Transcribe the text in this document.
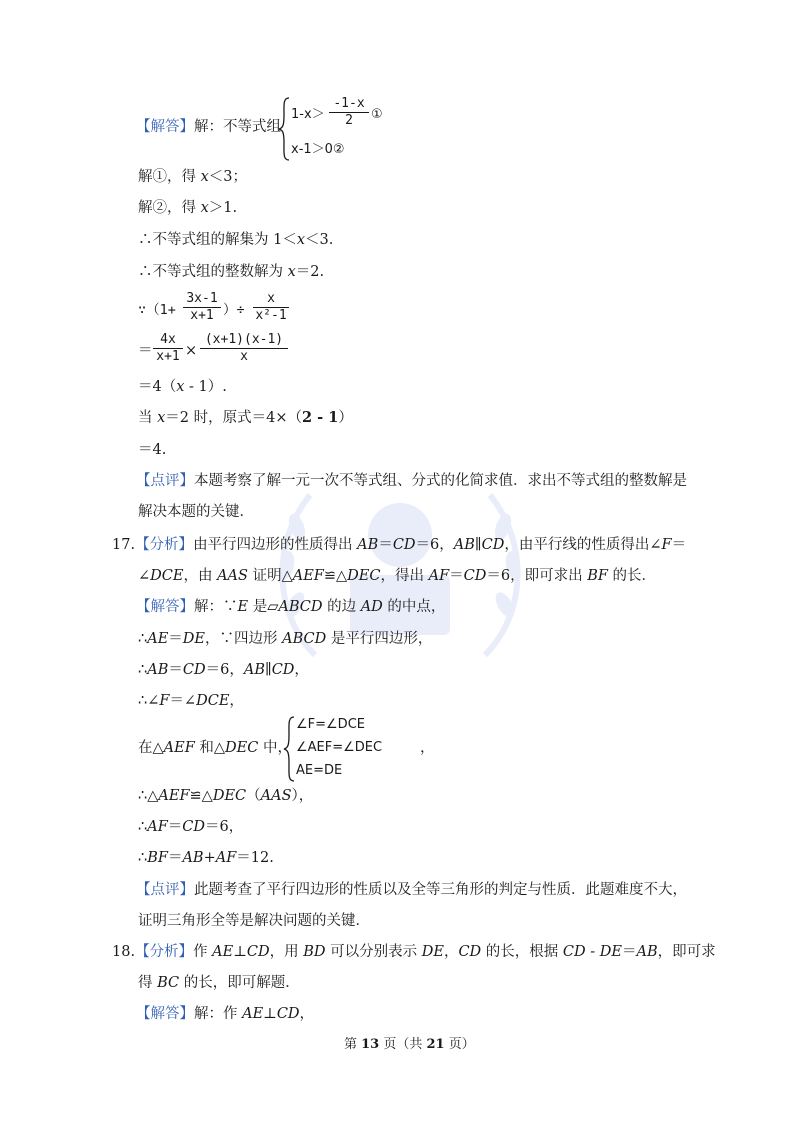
【解答】解：不等式组
$1-x> \frac{-1-x}{2}$ ①
x-1＞0②
解①，得 x＜3；
解②，得 x＞1.
∴不等式组的解集为 1＜x＜3.
∴不等式组的整数解为 x＝2.
∵（1+ $\frac{3x-1}{x+1}$ ）÷ $\frac{x}{\text{x²-1}}$
＝ $\frac{4x}{x+1} \times \frac{(x+1)(x-1)}{x}$
＝4（x - 1）.
当 x＝2 时，原式＝4×（2 - 1）
＝4.
【点评】本题考察了解一元一次不等式组、分式的化简求值．求出不等式组的整数解是
解决本题的关键．
17.【分析】由平行四边形的性质得出 AB＝CD＝6，AB∥CD，由平行线的性质得出∠F＝
∠DCE，由 AAS 证明△AEF≌△DEC，得出 AF＝CD＝6，即可求出 BF 的长．
【解答】解：∵E 是▱ABCD 的边 AD 的中点，
∴AE＝DE，∵四边形 ABCD 是平行四边形，
∴AB＝CD＝6，AB∥CD，
∴∠F＝∠DCE，
在△AEF 和△DEC 中，
∠F=∠DCE
∠AEF=∠DEC
AE=DE
，
∴△AEF≌△DEC（AAS），
∴AF＝CD＝6，
∴BF＝AB+AF＝12.
【点评】此题考查了平行四边形的性质以及全等三角形的判定与性质．此题难度不大，
证明三角形全等是解决问题的关键．
18.【分析】作 AE⊥CD，用 BD 可以分别表示 DE，CD 的长，根据 CD - DE＝AB，即可求
得 BC 的长，即可解题．
【解答】解：作 AE⊥CD，
第 13 页（共 21 页）
